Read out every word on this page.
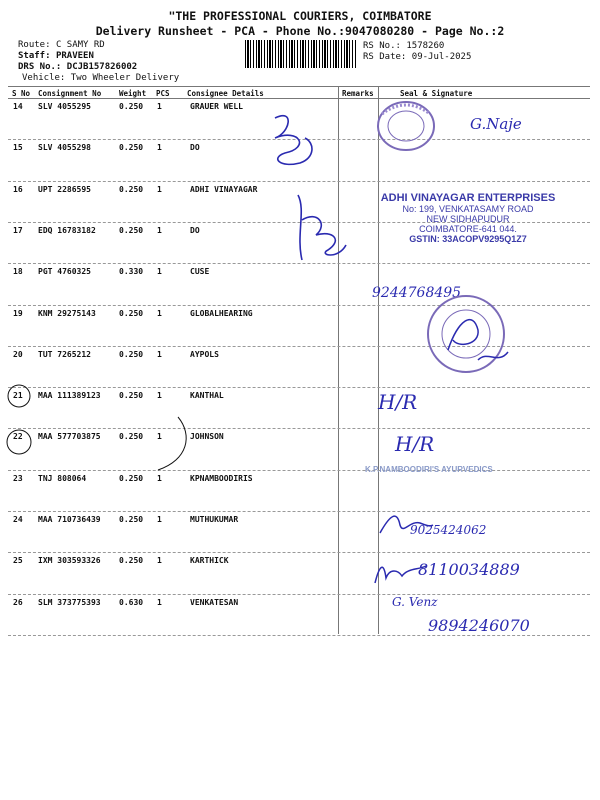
"THE PROFESSIONAL COURIERS, COIMBATORE
Delivery Runsheet - PCA - Phone No.:9047080280 - Page No.:2
Route: C SAMY RD
Staff: PRAVEEN
DRS No.: DCJB157826002
Vehicle: Two Wheeler Delivery
RS No.: 1578260
RS Date: 09-Jul-2025
S No Consignment No Weight PCS Consignee Details	Remarks	Seal & Signature
14 SLV 4055295	0.250 1	GRAUER WELL
15 SLV 4055298	0.250 1	DO
16 UPT 2286595	0.250 1	ADHI VINAYAGAR
17 EDQ 16783182	0.250 1	DO
18 PGT 4760325	0.330 1	CUSE
19 KNM 29275143	0.250 1	GLOBALHEARING
20 TUT 7265212	0.250 1	AYPOLS
21 MAA 111389123 0.250 1	KANTHAL
22 MAA 577703875 0.250 1	JOHNSON
23 TNJ 808064	0.250 1	KPNAMBOODIRIS
24 MAA 710736439 0.250 1	MUTHUKUMAR
25 IXM 303593326 0.250 1	KARTHICK
26 SLM 373775393 0.630 1	VENKATESAN
G.Naje
ADHI VINAYAGAR ENTERPRISES
No: 199, VENKATASAMY ROAD
NEW SIDHAPUDUR
COIMBATORE-641 044.
GSTIN: 33ACOPV9295Q1Z7
9244768495
H/R
H/R
K.P.NAMBOODIRI'S AYURVEDICS
9025424062
8110034889
G. Venz
9894246070
